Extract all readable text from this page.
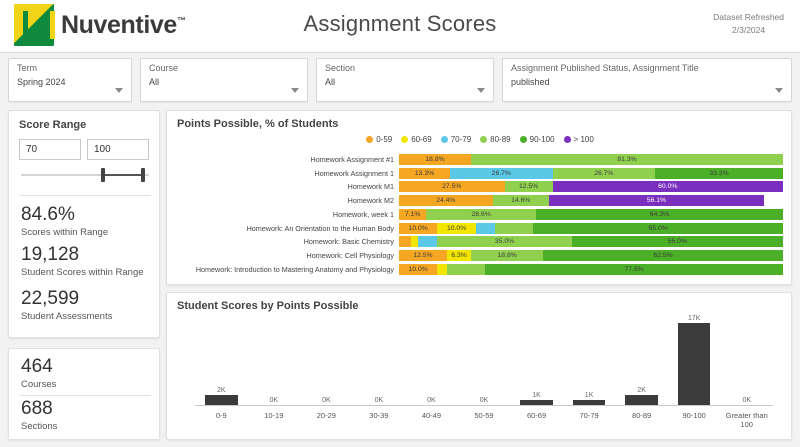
Nuventive™	Assignment Scores	Dataset Refreshed
2/3/2024
Term
Spring 2024
Course
All
Section
All
Assignment Published Status, Assignment Title
published
Score Range
70	100
84.6%
Scores within Range
19,128
Student Scores within Range
22,599
Student Assessments
464
Courses
688
Sections
Points Possible, % of Students
0-59 60-69 70-79 80-89 90-100 > 100
Homework Assignment #1	18.8%	81.3%
Homework Assignment 1	13.3%	26.7%	26.7%	33.3%
Homework M1	27.5%	12.5%	60.0%
Homework M2	24.4%	14.6%	56.1%
Homework, week 1	7.1%	28.6%	64.3%
Homework: An Orientation to the Human Body	10.0%	10.0%	65.0%
Homework: Basic Chemistry	35.0%	55.0%
Homework: Cell Physiology	12.5%	6.3%	18.8%	62.5%
Homework: Introduction to Mastering Anatomy and Physiology	10.0%	77.5%
Student Scores by Points Possible
2K
0K	0K	0K	0K	0K
1K	1K
2K
17K
0K
0-9	10-19	20-29	30-39	40-49	50-59	60-69	70-79	80-89	90-100	Greater than 100
